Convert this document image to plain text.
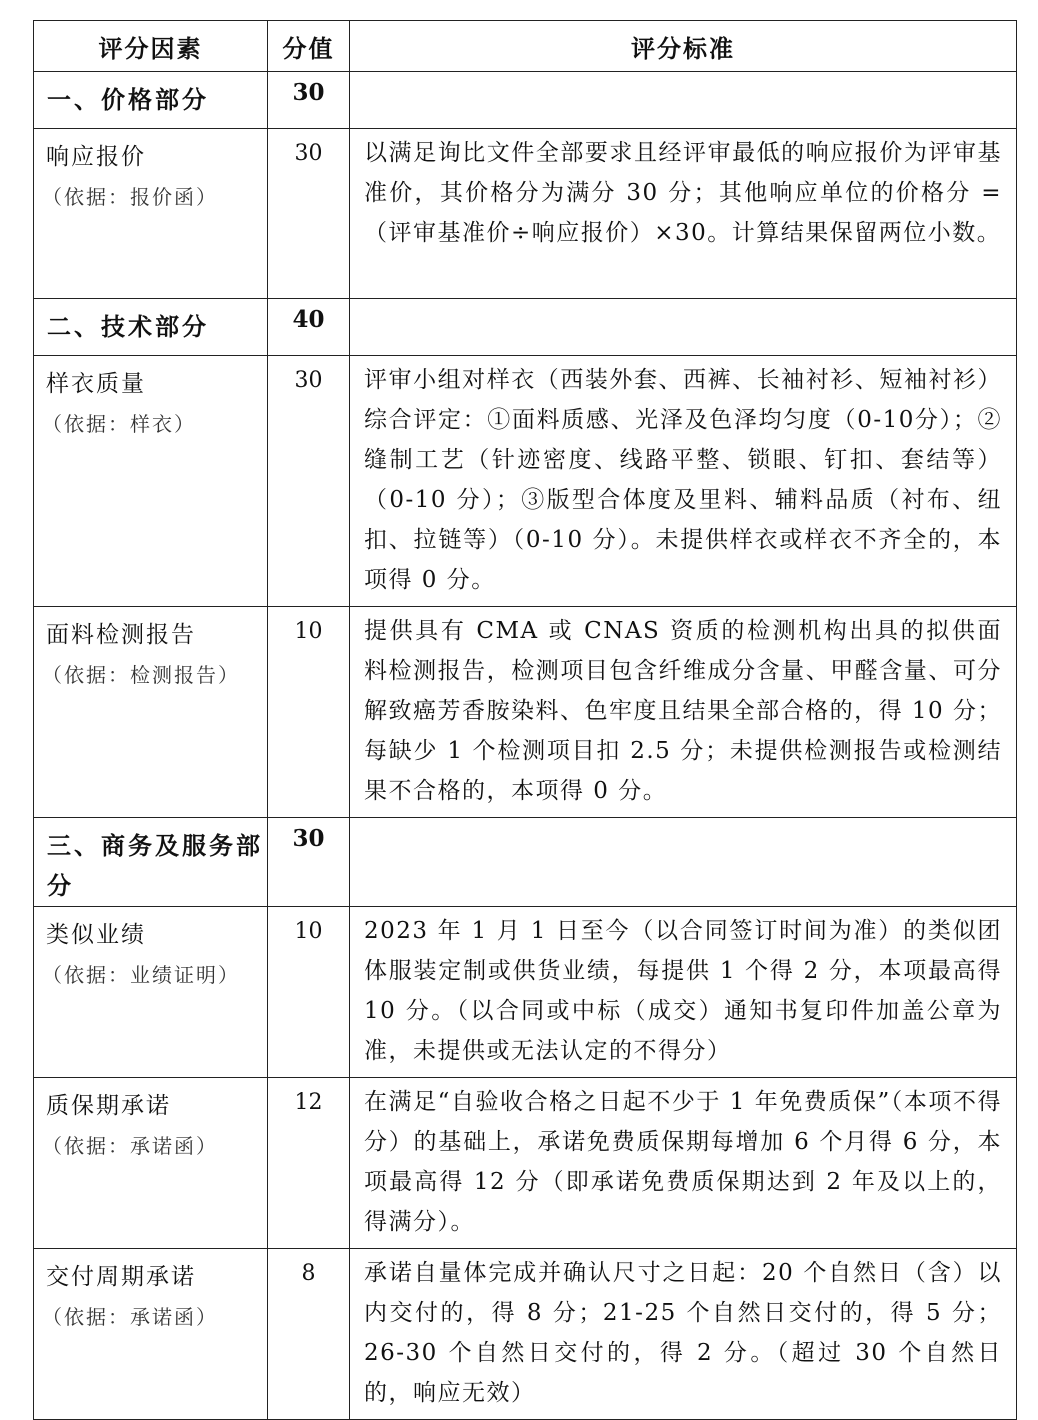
评分因素	分值	评分标准
一、价格部分	30	
响应报价
（依据：报价函）	30	以满足询比文件全部要求且经评审最低的响应报价为评审基准价，其价格分为满分 30 分；其他响应单位的价格分 =（评审基准价÷响应报价）×30。计算结果保留两位小数。
二、技术部分	40	
样衣质量
（依据：样衣）	30	评审小组对样衣（西装外套、西裤、长袖衬衫、短袖衬衫）综合评定：①面料质感、光泽及色泽均匀度（0-10分）；②缝制工艺（针迹密度、线路平整、锁眼、钉扣、套结等）（0-10 分）；③版型合体度及里料、辅料品质（衬布、纽扣、拉链等）（0-10 分）。未提供样衣或样衣不齐全的，本项得 0 分。
面料检测报告
（依据：检测报告）	10	提供具有 CMA 或 CNAS 资质的检测机构出具的拟供面料检测报告，检测项目包含纤维成分含量、甲醛含量、可分解致癌芳香胺染料、色牢度且结果全部合格的，得 10 分；每缺少 1 个检测项目扣 2.5 分；未提供检测报告或检测结果不合格的，本项得 0 分。
三、商务及服务部分	30	
类似业绩
（依据：业绩证明）	10	2023 年 1 月 1 日至今（以合同签订时间为准）的类似团体服装定制或供货业绩，每提供 1 个得 2 分，本项最高得 10 分。（以合同或中标（成交）通知书复印件加盖公章为准，未提供或无法认定的不得分）
质保期承诺
（依据：承诺函）	12	在满足“自验收合格之日起不少于 1 年免费质保”（本项不得分）的基础上，承诺免费质保期每增加 6 个月得 6 分，本项最高得 12 分（即承诺免费质保期达到 2 年及以上的，得满分）。
交付周期承诺
（依据：承诺函）	8	承诺自量体完成并确认尺寸之日起：20 个自然日（含）以内交付的，得 8 分；21-25 个自然日交付的，得 5 分；26-30 个自然日交付的，得 2 分。（超过 30 个自然日的，响应无效）
